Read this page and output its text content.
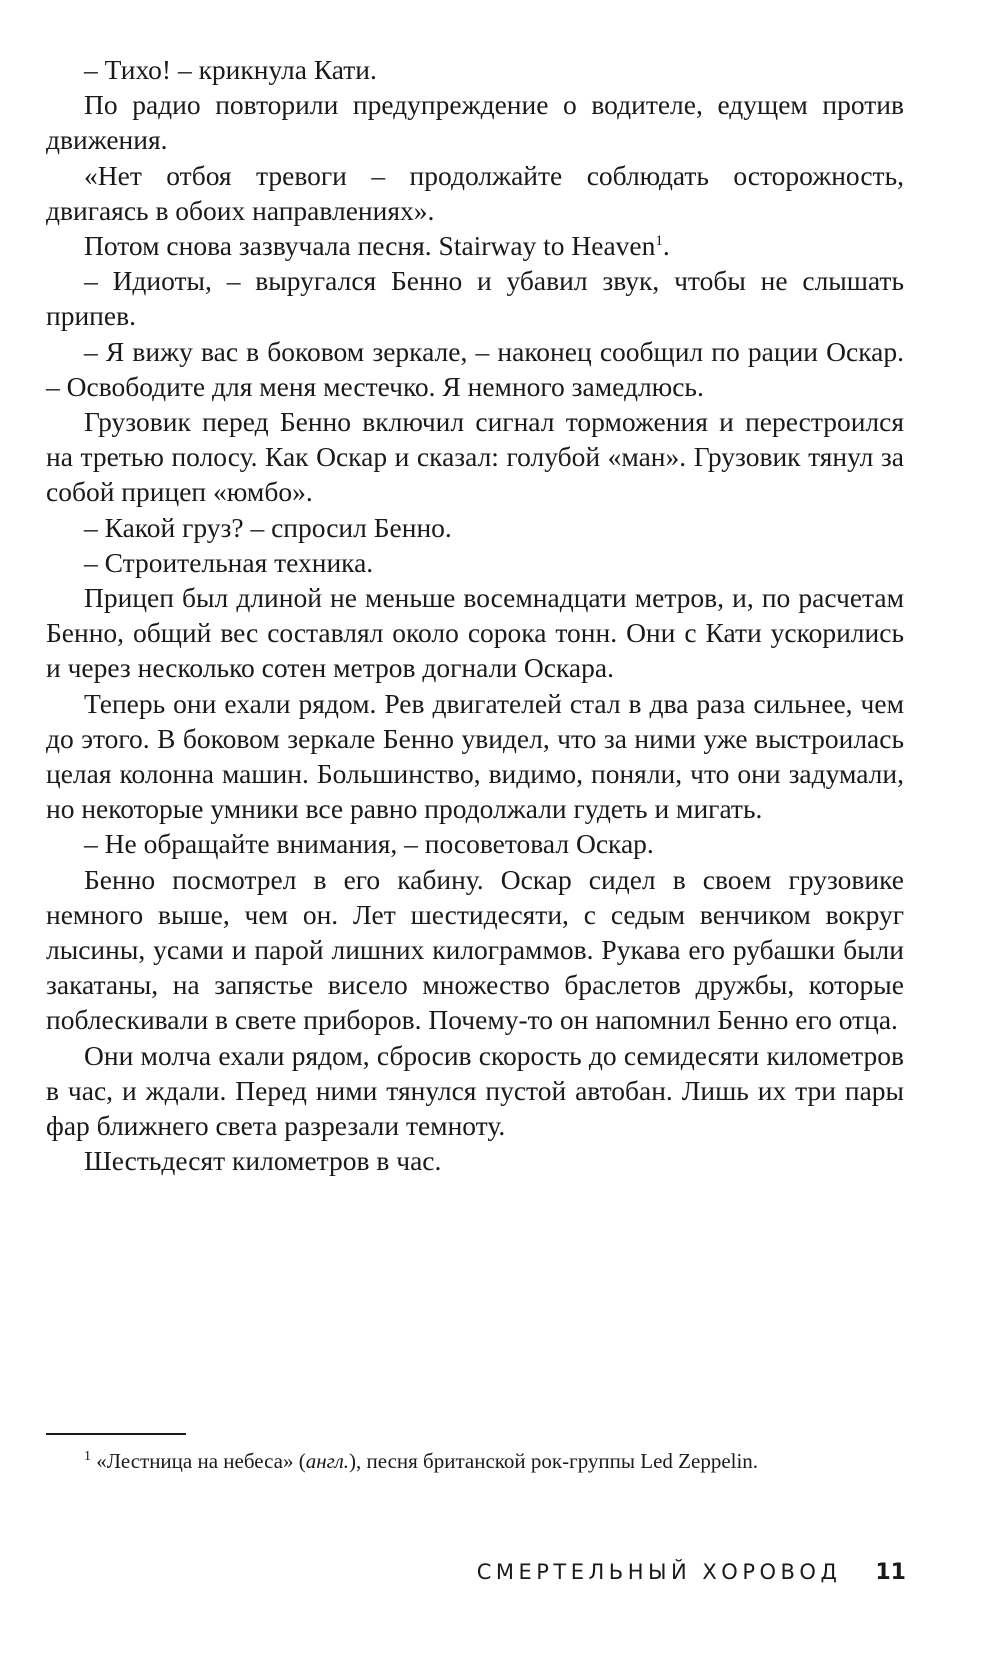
– Тихо! – крикнула Кати.

По радио повторили предупреждение о водителе, едущем против движения.

«Нет отбоя тревоги – продолжайте соблюдать осторожность, двигаясь в обоих направлениях».

Потом снова зазвучала песня. Stairway to Heaven$^1$.

– Идиоты, – выругался Бенно и убавил звук, чтобы не слышать припев.

– Я вижу вас в боковом зеркале, – наконец сообщил по рации Оскар. – Освободите для меня местечко. Я немного замедлюсь.

Грузовик перед Бенно включил сигнал торможения и перестроился на третью полосу. Как Оскар и сказал: голубой «ман». Грузовик тянул за собой прицеп «юмбо».

– Какой груз? – спросил Бенно.

– Строительная техника.

Прицеп был длиной не меньше восемнадцати метров, и, по расчетам Бенно, общий вес составлял около сорока тонн. Они с Кати ускорились и через несколько сотен метров догнали Оскара.

Теперь они ехали рядом. Рев двигателей стал в два раза сильнее, чем до этого. В боковом зеркале Бенно увидел, что за ними уже выстроилась целая колонна машин. Большинство, видимо, поняли, что они задумали, но некоторые умники все равно продолжали гудеть и мигать.

– Не обращайте внимания, – посоветовал Оскар.

Бенно посмотрел в его кабину. Оскар сидел в своем грузовике немного выше, чем он. Лет шестидесяти, с седым венчиком вокруг лысины, усами и парой лишних килограммов. Рукава его рубашки были закатаны, на запястье висело множество браслетов дружбы, которые поблескивали в свете приборов. Почему-то он напомнил Бенно его отца.

Они молча ехали рядом, сбросив скорость до семидесяти километров в час, и ждали. Перед ними тянулся пустой автобан. Лишь их три пары фар ближнего света разрезали темноту.

Шестьдесят километров в час.

$^1$ «Лестница на небеса» (англ.), песня британской рок-группы Led Zeppelin.

СМЕРТЕЛЬНЫЙ ХОРОВОД 11
